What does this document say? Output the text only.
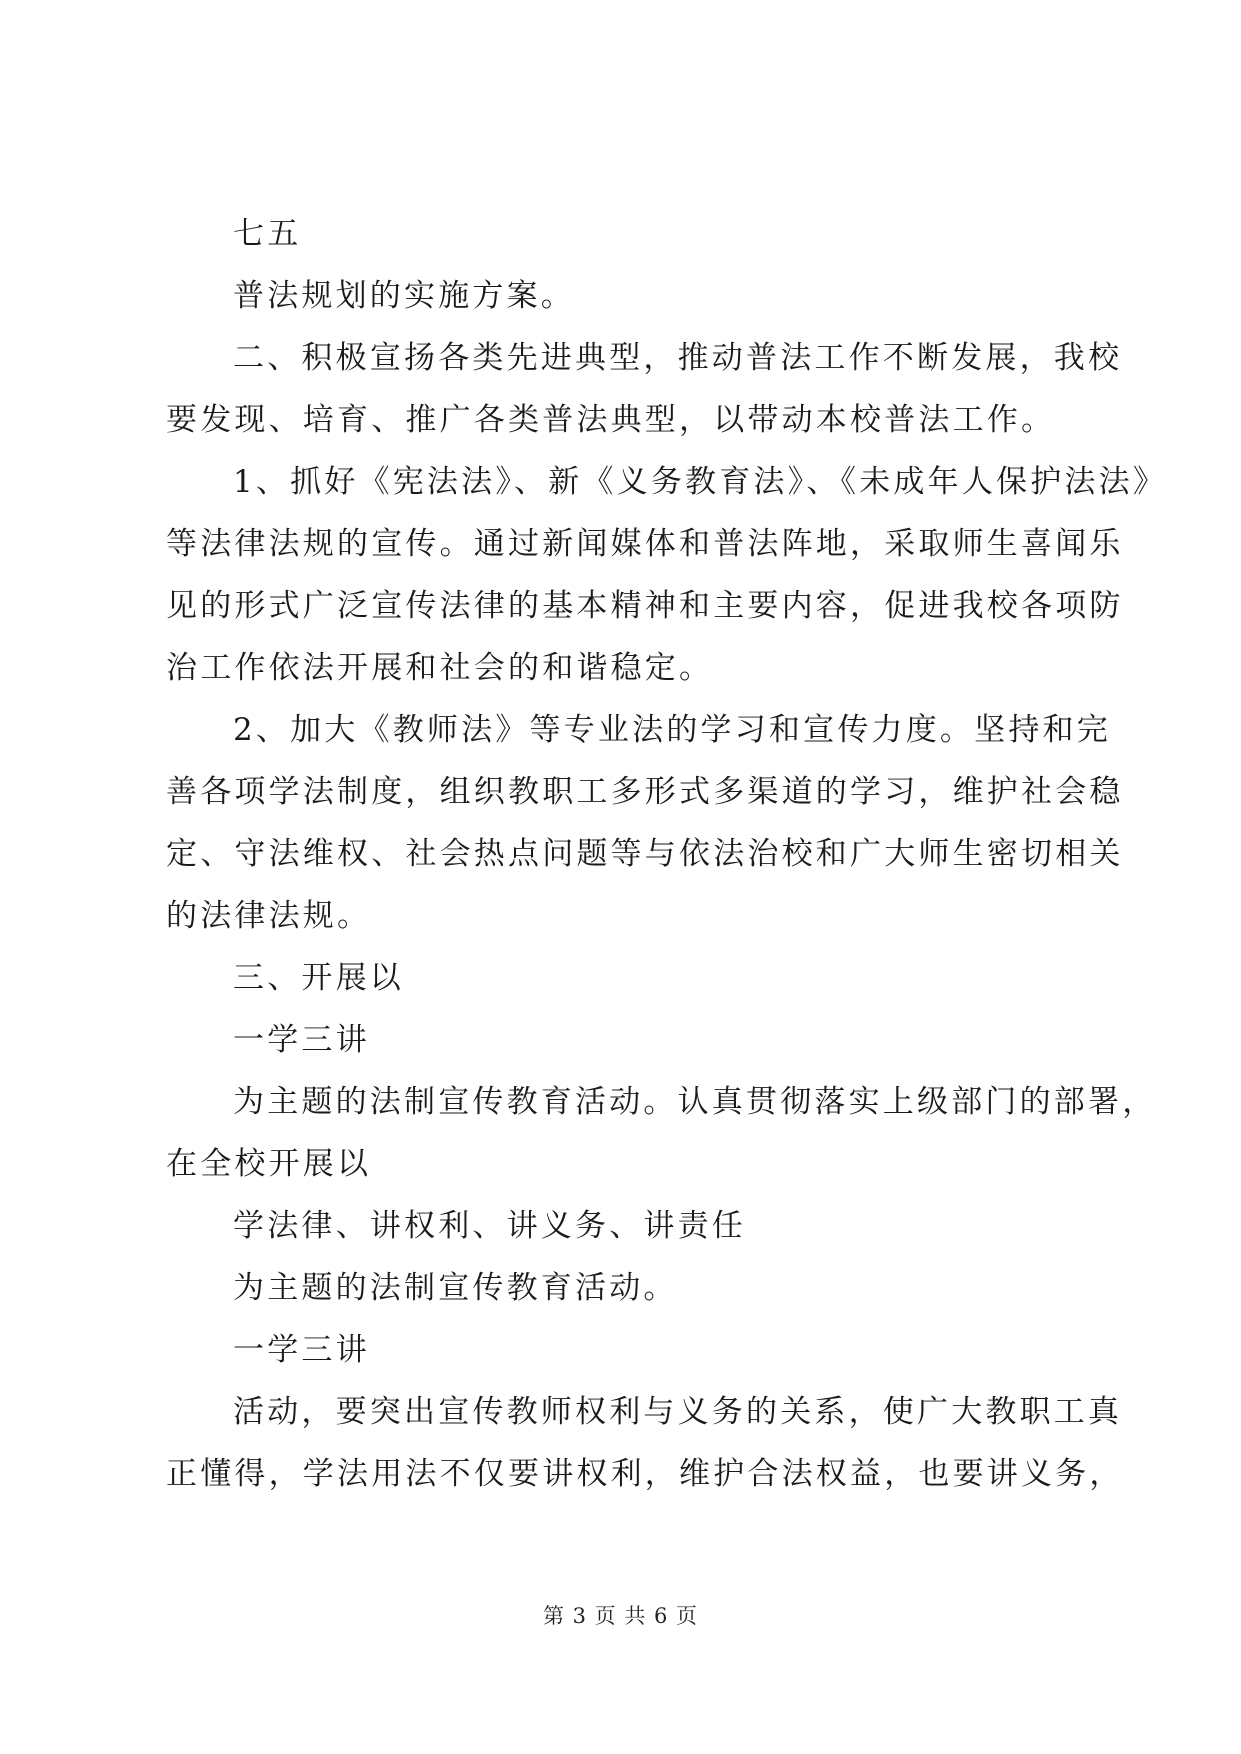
七五
普法规划的实施方案。
二、积极宣扬各类先进典型，推动普法工作不断发展，我校
要发现、培育、推广各类普法典型，以带动本校普法工作。
1、抓好《宪法法》、新《义务教育法》、《未成年人保护法法》
等法律法规的宣传。通过新闻媒体和普法阵地，采取师生喜闻乐
见的形式广泛宣传法律的基本精神和主要内容，促进我校各项防
治工作依法开展和社会的和谐稳定。
2、加大《教师法》等专业法的学习和宣传力度。坚持和完
善各项学法制度，组织教职工多形式多渠道的学习，维护社会稳
定、守法维权、社会热点问题等与依法治校和广大师生密切相关
的法律法规。
三、开展以
一学三讲
为主题的法制宣传教育活动。认真贯彻落实上级部门的部署，
在全校开展以
学法律、讲权利、讲义务、讲责任
为主题的法制宣传教育活动。
一学三讲
活动，要突出宣传教师权利与义务的关系，使广大教职工真
正懂得，学法用法不仅要讲权利，维护合法权益，也要讲义务，
第 3 页 共 6 页
